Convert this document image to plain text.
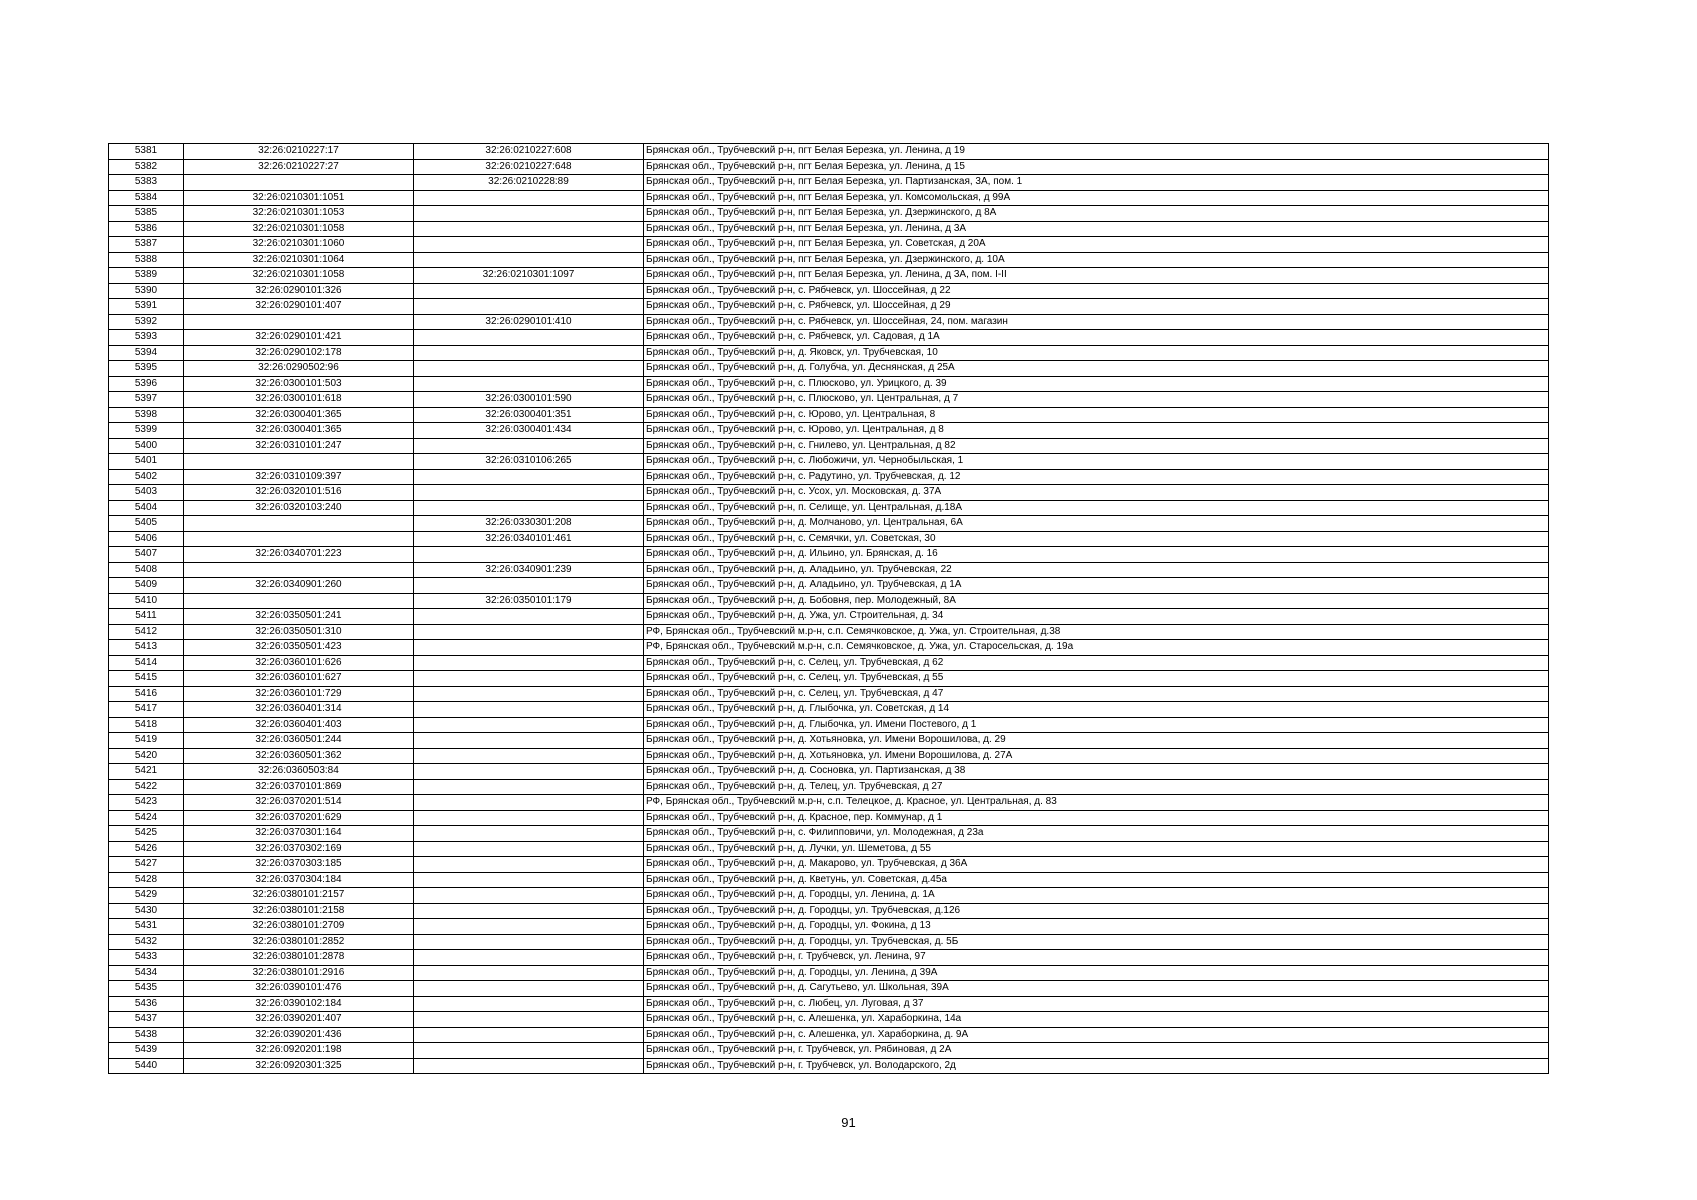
5381	32:26:0210227:17	32:26:0210227:608	Брянская обл., Трубчевский р-н, пгт Белая Березка, ул. Ленина, д 19
5382	32:26:0210227:27	32:26:0210227:648	Брянская обл., Трубчевский р-н, пгт Белая Березка, ул. Ленина, д 15
5383		32:26:0210228:89	Брянская обл., Трубчевский р-н, пгт Белая Березка, ул. Партизанская, 3А, пом. 1
5384	32:26:0210301:1051		Брянская обл., Трубчевский р-н, пгт Белая Березка, ул. Комсомольская, д 99А
5385	32:26:0210301:1053		Брянская обл., Трубчевский р-н, пгт Белая Березка, ул. Дзержинского, д 8А
5386	32:26:0210301:1058		Брянская обл., Трубчевский р-н, пгт Белая Березка, ул. Ленина, д 3А
5387	32:26:0210301:1060		Брянская обл., Трубчевский р-н, пгт Белая Березка, ул. Советская, д 20А
5388	32:26:0210301:1064		Брянская обл., Трубчевский р-н, пгт Белая Березка, ул. Дзержинского, д. 10А
5389	32:26:0210301:1058	32:26:0210301:1097	Брянская обл., Трубчевский р-н, пгт Белая Березка, ул. Ленина, д 3А, пом. I-II
5390	32:26:0290101:326		Брянская обл., Трубчевский р-н, с. Рябчевск, ул. Шоссейная, д 22
5391	32:26:0290101:407		Брянская обл., Трубчевский р-н, с. Рябчевск, ул. Шоссейная, д 29
5392		32:26:0290101:410	Брянская обл., Трубчевский р-н, с. Рябчевск, ул. Шоссейная, 24, пом. магазин
5393	32:26:0290101:421		Брянская обл., Трубчевский р-н, с. Рябчевск, ул. Садовая, д 1А
5394	32:26:0290102:178		Брянская обл., Трубчевский р-н, д. Яковск, ул. Трубчевская, 10
5395	32:26:0290502:96		Брянская обл., Трубчевский р-н, д. Голубча, ул. Деснянская, д 25А
5396	32:26:0300101:503		Брянская обл., Трубчевский р-н, с. Плюсково, ул. Урицкого, д. 39
5397	32:26:0300101:618	32:26:0300101:590	Брянская обл., Трубчевский р-н, с. Плюсково, ул. Центральная, д 7
5398	32:26:0300401:365	32:26:0300401:351	Брянская обл., Трубчевский р-н, с. Юрово, ул. Центральная, 8
5399	32:26:0300401:365	32:26:0300401:434	Брянская обл., Трубчевский р-н, с. Юрово, ул. Центральная, д 8
5400	32:26:0310101:247		Брянская обл., Трубчевский р-н, с. Гнилево, ул. Центральная, д 82
5401		32:26:0310106:265	Брянская обл., Трубчевский р-н, с. Любожичи, ул. Чернобыльская, 1
5402	32:26:0310109:397		Брянская обл., Трубчевский р-н, с. Радутино, ул. Трубчевская, д. 12
5403	32:26:0320101:516		Брянская обл., Трубчевский р-н, с. Усох, ул. Московская, д. 37А
5404	32:26:0320103:240		Брянская обл., Трубчевский р-н, п. Селище, ул. Центральная, д.18А
5405		32:26:0330301:208	Брянская обл., Трубчевский р-н, д. Молчаново, ул. Центральная, 6А
5406		32:26:0340101:461	Брянская обл., Трубчевский р-н, с. Семячки, ул. Советская, 30
5407	32:26:0340701:223		Брянская обл., Трубчевский р-н, д. Ильино, ул. Брянская, д. 16
5408		32:26:0340901:239	Брянская обл., Трубчевский р-н, д. Аладьино, ул. Трубчевская, 22
5409	32:26:0340901:260		Брянская обл., Трубчевский р-н, д. Аладьино, ул. Трубчевская, д 1А
5410		32:26:0350101:179	Брянская обл., Трубчевский р-н, д. Бобовня, пер. Молодежный, 8А
5411	32:26:0350501:241		Брянская обл., Трубчевский р-н, д. Ужа, ул. Строительная, д. 34
5412	32:26:0350501:310		РФ, Брянская обл., Трубчевский м.р-н, с.п. Семячковское, д. Ужа, ул. Строительная, д.38
5413	32:26:0350501:423		РФ, Брянская обл., Трубчевский м.р-н, с.п. Семячковское, д. Ужа, ул. Старосельская, д. 19а
5414	32:26:0360101:626		Брянская обл., Трубчевский р-н, с. Селец, ул. Трубчевская, д 62
5415	32:26:0360101:627		Брянская обл., Трубчевский р-н, с. Селец, ул. Трубчевская, д 55
5416	32:26:0360101:729		Брянская обл., Трубчевский р-н, с. Селец, ул. Трубчевская, д 47
5417	32:26:0360401:314		Брянская обл., Трубчевский р-н, д. Глыбочка, ул. Советская, д 14
5418	32:26:0360401:403		Брянская обл., Трубчевский р-н, д. Глыбочка, ул. Имени Постевого, д 1
5419	32:26:0360501:244		Брянская обл., Трубчевский р-н, д. Хотьяновка, ул. Имени Ворошилова, д. 29
5420	32:26:0360501:362		Брянская обл., Трубчевский р-н, д. Хотьяновка, ул. Имени Ворошилова, д. 27А
5421	32:26:0360503:84		Брянская обл., Трубчевский р-н, д. Сосновка, ул. Партизанская, д 38
5422	32:26:0370101:869		Брянская обл., Трубчевский р-н, д. Телец, ул. Трубчевская, д 27
5423	32:26:0370201:514		РФ, Брянская обл., Трубчевский м.р-н, с.п. Телецкое, д. Красное, ул. Центральная, д. 83
5424	32:26:0370201:629		Брянская обл., Трубчевский р-н, д. Красное, пер. Коммунар, д 1
5425	32:26:0370301:164		Брянская обл., Трубчевский р-н, с. Филипповичи, ул. Молодежная, д 23а
5426	32:26:0370302:169		Брянская обл., Трубчевский р-н, д. Лучки, ул. Шеметова, д 55
5427	32:26:0370303:185		Брянская обл., Трубчевский р-н, д. Макарово, ул. Трубчевская, д 36А
5428	32:26:0370304:184		Брянская обл., Трубчевский р-н, д. Кветунь, ул. Советская, д.45а
5429	32:26:0380101:2157		Брянская обл., Трубчевский р-н, д. Городцы, ул. Ленина, д. 1А
5430	32:26:0380101:2158		Брянская обл., Трубчевский р-н, д. Городцы, ул. Трубчевская, д.126
5431	32:26:0380101:2709		Брянская обл., Трубчевский р-н, д. Городцы, ул. Фокина, д 13
5432	32:26:0380101:2852		Брянская обл., Трубчевский р-н, д. Городцы, ул. Трубчевская, д. 5Б
5433	32:26:0380101:2878		Брянская обл., Трубчевский р-н, г. Трубчевск, ул. Ленина, 97
5434	32:26:0380101:2916		Брянская обл., Трубчевский р-н, д. Городцы, ул. Ленина, д 39А
5435	32:26:0390101:476		Брянская обл., Трубчевский р-н, д. Сагутьево, ул. Школьная, 39А
5436	32:26:0390102:184		Брянская обл., Трубчевский р-н, с. Любец, ул. Луговая, д 37
5437	32:26:0390201:407		Брянская обл., Трубчевский р-н, с. Алешенка, ул. Хараборкина, 14а
5438	32:26:0390201:436		Брянская обл., Трубчевский р-н, с. Алешенка, ул. Хараборкина, д. 9А
5439	32:26:0920201:198		Брянская обл., Трубчевский р-н, г. Трубчевск, ул. Рябиновая, д 2А
5440	32:26:0920301:325		Брянская обл., Трубчевский р-н, г. Трубчевск, ул. Володарского, 2д
91
